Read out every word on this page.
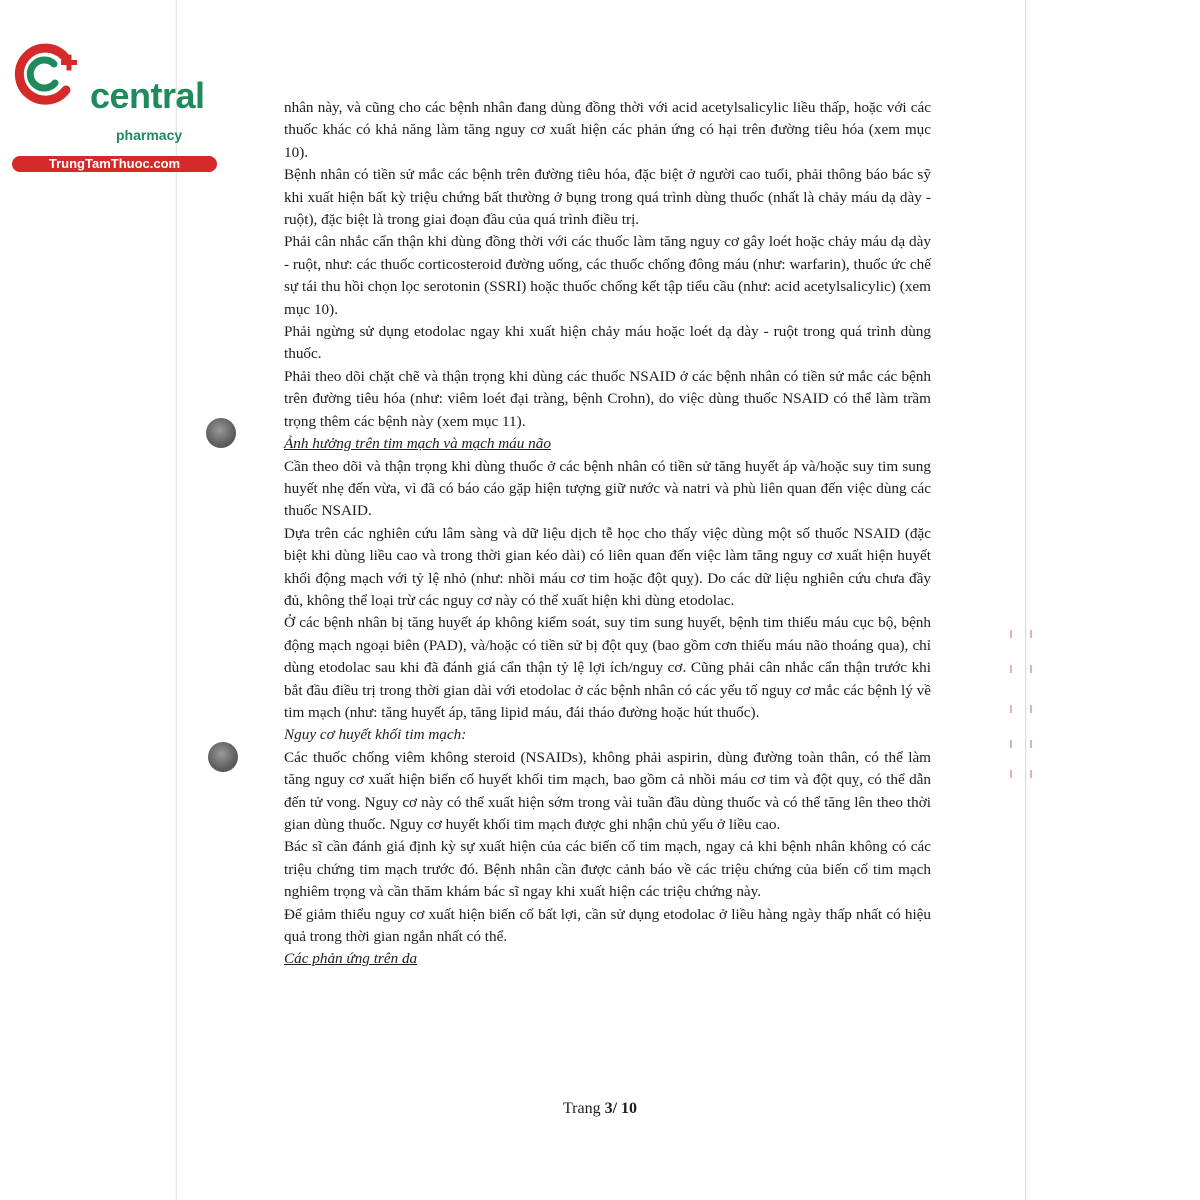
central
pharmacy
TrungTamThuoc.com

nhân này, và cũng cho các bệnh nhân đang dùng đồng thời với acid acetylsalicylic liều thấp, hoặc với các thuốc khác có khả năng làm tăng nguy cơ xuất hiện các phản ứng có hại trên đường tiêu hóa (xem mục 10).

Bệnh nhân có tiền sử mắc các bệnh trên đường tiêu hóa, đặc biệt ở người cao tuổi, phải thông báo bác sỹ khi xuất hiện bất kỳ triệu chứng bất thường ở bụng trong quá trình dùng thuốc (nhất là chảy máu dạ dày - ruột), đặc biệt là trong giai đoạn đầu của quá trình điều trị.

Phải cân nhắc cẩn thận khi dùng đồng thời với các thuốc làm tăng nguy cơ gây loét hoặc chảy máu dạ dày - ruột, như: các thuốc corticosteroid đường uống, các thuốc chống đông máu (như: warfarin), thuốc ức chế sự tái thu hồi chọn lọc serotonin (SSRI) hoặc thuốc chống kết tập tiểu cầu (như: acid acetylsalicylic) (xem mục 10).

Phải ngừng sử dụng etodolac ngay khi xuất hiện chảy máu hoặc loét dạ dày - ruột trong quá trình dùng thuốc.

Phải theo dõi chặt chẽ và thận trọng khi dùng các thuốc NSAID ở các bệnh nhân có tiền sử mắc các bệnh trên đường tiêu hóa (như: viêm loét đại tràng, bệnh Crohn), do việc dùng thuốc NSAID có thể làm trầm trọng thêm các bệnh này (xem mục 11).

Ảnh hưởng trên tim mạch và mạch máu não

Cần theo dõi và thận trọng khi dùng thuốc ở các bệnh nhân có tiền sử tăng huyết áp và/hoặc suy tim sung huyết nhẹ đến vừa, vì đã có báo cáo gặp hiện tượng giữ nước và natri và phù liên quan đến việc dùng các thuốc NSAID.

Dựa trên các nghiên cứu lâm sàng và dữ liệu dịch tễ học cho thấy việc dùng một số thuốc NSAID (đặc biệt khi dùng liều cao và trong thời gian kéo dài) có liên quan đến việc làm tăng nguy cơ xuất hiện huyết khối động mạch với tỷ lệ nhỏ (như: nhồi máu cơ tim hoặc đột quỵ). Do các dữ liệu nghiên cứu chưa đầy đủ, không thể loại trừ các nguy cơ này có thể xuất hiện khi dùng etodolac.

Ở các bệnh nhân bị tăng huyết áp không kiểm soát, suy tim sung huyết, bệnh tim thiếu máu cục bộ, bệnh động mạch ngoại biên (PAD), và/hoặc có tiền sử bị đột quỵ (bao gồm cơn thiếu máu não thoáng qua), chỉ dùng etodolac sau khi đã đánh giá cẩn thận tỷ lệ lợi ích/nguy cơ. Cũng phải cân nhắc cẩn thận trước khi bắt đầu điều trị trong thời gian dài với etodolac ở các bệnh nhân có các yếu tố nguy cơ mắc các bệnh lý về tim mạch (như: tăng huyết áp, tăng lipid máu, đái tháo đường hoặc hút thuốc).

Nguy cơ huyết khối tim mạch:

Các thuốc chống viêm không steroid (NSAIDs), không phải aspirin, dùng đường toàn thân, có thể làm tăng nguy cơ xuất hiện biến cố huyết khối tim mạch, bao gồm cả nhồi máu cơ tim và đột quỵ, có thể dẫn đến tử vong. Nguy cơ này có thể xuất hiện sớm trong vài tuần đầu dùng thuốc và có thể tăng lên theo thời gian dùng thuốc. Nguy cơ huyết khối tim mạch được ghi nhận chủ yếu ở liều cao.

Bác sĩ cần đánh giá định kỳ sự xuất hiện của các biến cố tim mạch, ngay cả khi bệnh nhân không có các triệu chứng tim mạch trước đó. Bệnh nhân cần được cảnh báo về các triệu chứng của biến cố tim mạch nghiêm trọng và cần thăm khám bác sĩ ngay khi xuất hiện các triệu chứng này.

Để giảm thiểu nguy cơ xuất hiện biến cố bất lợi, cần sử dụng etodolac ở liều hàng ngày thấp nhất có hiệu quả trong thời gian ngắn nhất có thể.

Các phản ứng trên da

Trang 3/ 10
